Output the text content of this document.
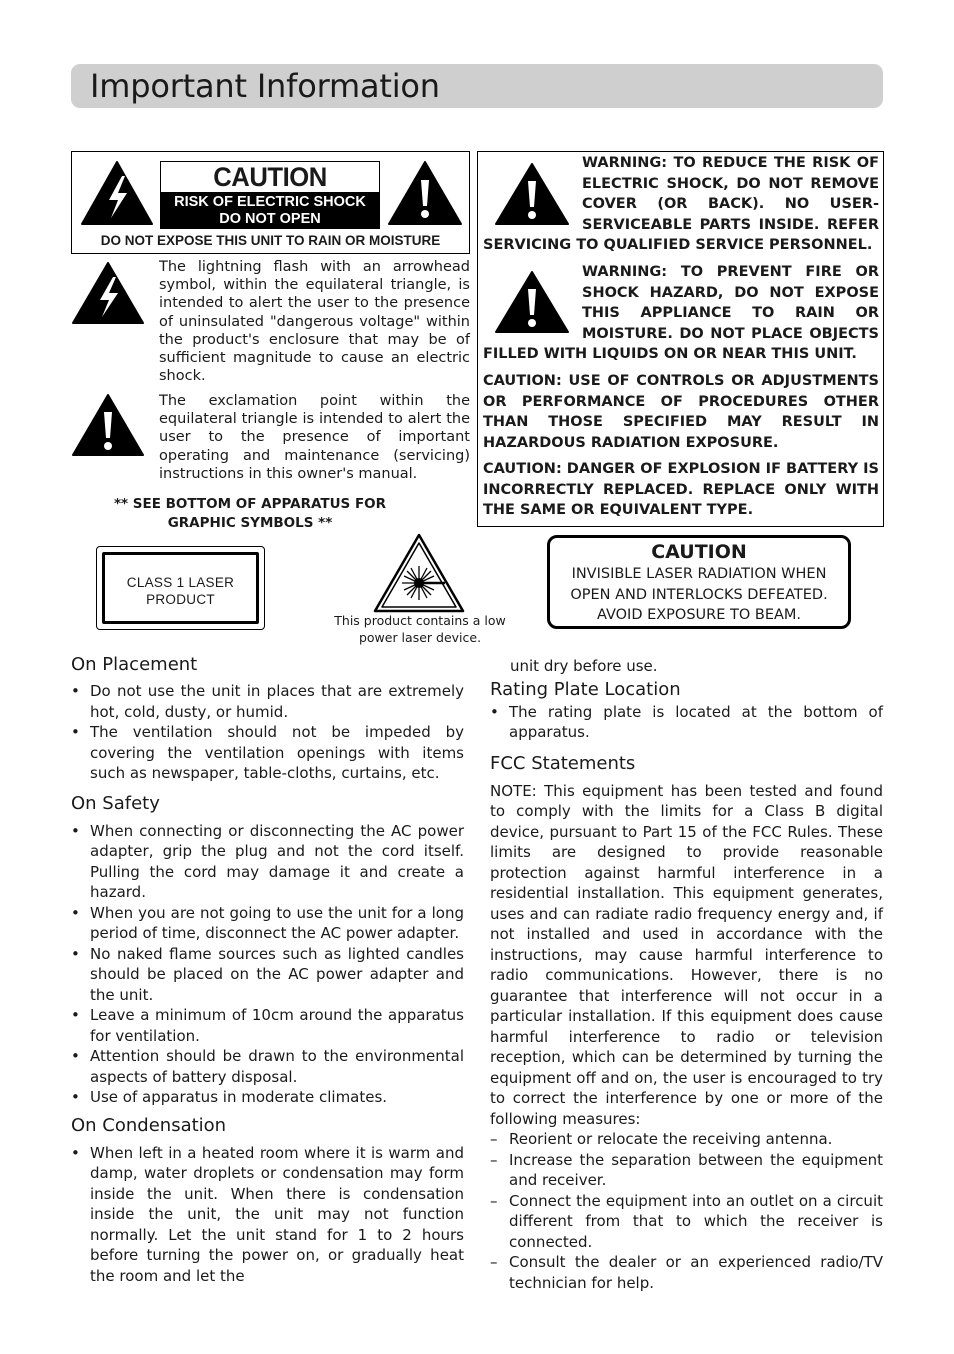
Important Information
CAUTION
RISK OF ELECTRIC SHOCK
DO NOT OPEN
DO NOT EXPOSE THIS UNIT TO RAIN OR MOISTURE

The lightning flash with an arrowhead symbol, within the equilateral triangle, is intended to alert the user to the presence of uninsulated "dangerous voltage" within the product's enclosure that may be of sufficient magnitude to cause an electric shock.

The exclamation point within the equilateral triangle is intended to alert the user to the presence of important operating and maintenance (servicing) instructions in this owner's manual.

** SEE BOTTOM OF APPARATUS FOR
GRAPHIC SYMBOLS **
WARNING: TO REDUCE THE RISK OF ELECTRIC SHOCK, DO NOT REMOVE COVER (OR BACK). NO USER-SERVICEABLE PARTS INSIDE. REFER
SERVICING TO QUALIFIED SERVICE PERSONNEL.
WARNING: TO PREVENT FIRE OR SHOCK HAZARD, DO NOT EXPOSE THIS APPLIANCE TO RAIN OR MOISTURE. DO NOT PLACE OBJECTS
FILLED WITH LIQUIDS ON OR NEAR THIS UNIT.
CAUTION: USE OF CONTROLS OR ADJUSTMENTS OR PERFORMANCE OF PROCEDURES OTHER THAN THOSE SPECIFIED MAY RESULT IN HAZARDOUS RADIATION EXPOSURE.
CAUTION: DANGER OF EXPLOSION IF BATTERY IS INCORRECTLY REPLACED. REPLACE ONLY WITH THE SAME OR EQUIVALENT TYPE.
CLASS 1 LASER
PRODUCT
This product contains a low
power laser device.
CAUTION
INVISIBLE LASER RADIATION WHEN
OPEN AND INTERLOCKS DEFEATED.
AVOID EXPOSURE TO BEAM.
On Placement
• Do not use the unit in places that are extremely hot, cold, dusty, or humid.
• The ventilation should not be impeded by covering the ventilation openings with items such as newspaper, table-cloths, curtains, etc.
On Safety
• When connecting or disconnecting the AC power adapter, grip the plug and not the cord itself. Pulling the cord may damage it and create a hazard.
• When you are not going to use the unit for a long period of time, disconnect the AC power adapter.
• No naked flame sources such as lighted candles should be placed on the AC power adapter and the unit.
• Leave a minimum of 10cm around the apparatus for ventilation.
• Attention should be drawn to the environmental aspects of battery disposal.
• Use of apparatus in moderate climates.
On Condensation
• When left in a heated room where it is warm and damp, water droplets or condensation may form inside the unit. When there is condensation inside the unit, the unit may not function normally. Let the unit stand for 1 to 2 hours before turning the power on, or gradually heat the room and let the

unit dry before use.

Rating Plate Location
• The rating plate is located at the bottom of apparatus.
FCC Statements

NOTE: This equipment has been tested and found to comply with the limits for a Class B digital device, pursuant to Part 15 of the FCC Rules. These limits are designed to provide reasonable protection against harmful interference in a residential installation. This equipment generates, uses and can radiate radio frequency energy and, if not installed and used in accordance with the instructions, may cause harmful interference to radio communications. However, there is no guarantee that interference will not occur in a particular installation. If this equipment does cause harmful interference to radio or television reception, which can be determined by turning the equipment off and on, the user is encouraged to try to correct the interference by one or more of the following measures:

– Reorient or relocate the receiving antenna.
– Increase the separation between the equipment and receiver.
– Connect the equipment into an outlet on a circuit different from that to which the receiver is connected.
– Consult the dealer or an experienced radio/TV technician for help.
